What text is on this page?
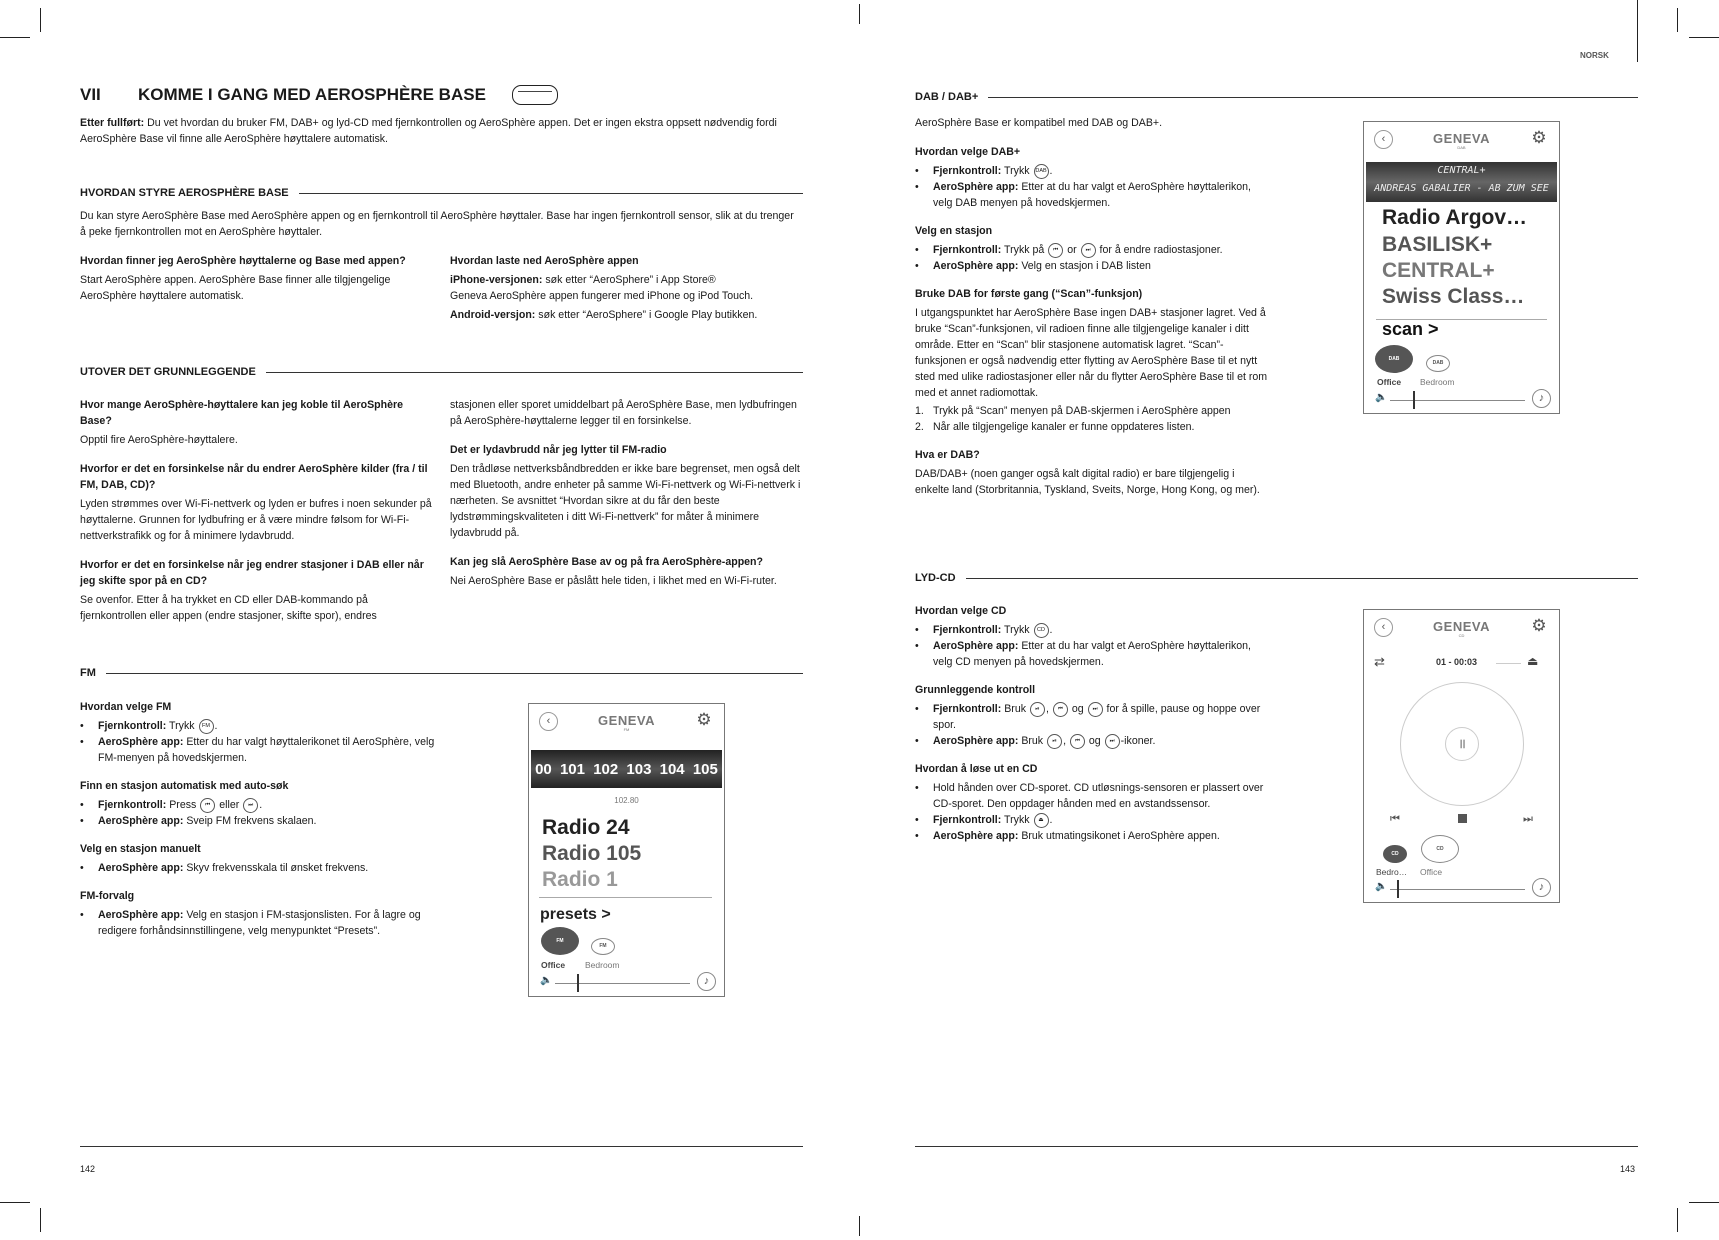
NORSK
VII	KOMME I GANG MED AEROSPHÈRE BASE

Etter fullført: Du vet hvordan du bruker FM, DAB+ og lyd-CD med fjernkontrollen og AeroSphère appen. Det er ingen ekstra oppsett nødvendig fordi AeroSphère Base vil finne alle AeroSphère høyttalere automatisk.

HVORDAN STYRE AEROSPHÈRE BASE

Du kan styre AeroSphère Base med AeroSphère appen og en fjernkontroll til AeroSphère høyttaler. Base har ingen fjernkontroll sensor, slik at du trenger å peke fjernkontrollen mot en AeroSphère høyttaler.

Hvordan finner jeg AeroSphère høyttalerne og Base med appen?

Start AeroSphère appen. AeroSphère Base finner alle tilgjengelige AeroSphère høyttalere automatisk.

Hvordan laste ned AeroSphère appen

iPhone-versjonen: søk etter “AeroSphere” i App Store®
Geneva AeroSphère appen fungerer med iPhone og iPod Touch.

Android-versjon: søk etter “AeroSphere” i Google Play butikken.

UTOVER DET GRUNNLEGGENDE
Hvor mange AeroSphère-høyttalere kan jeg koble til AeroSphère Base?

Opptil fire AeroSphère-høyttalere.

Hvorfor er det en forsinkelse når du endrer AeroSphère kilder (fra / til FM, DAB, CD)?

Lyden strømmes over Wi-Fi-nettverk og lyden er bufres i noen sekunder på høyttalerne. Grunnen for lydbufring er å være mindre følsom for Wi-Fi-nettverkstrafikk og for å minimere lydavbrudd.

Hvorfor er det en forsinkelse når jeg endrer stasjoner i DAB eller når jeg skifte spor på en CD?

Se ovenfor. Etter å ha trykket en CD eller DAB-kommando på fjernkontrollen eller appen (endre stasjoner, skifte spor), endres

stasjonen eller sporet umiddelbart på AeroSphère Base, men lydbufringen på AeroSphère-høyttalerne legger til en forsinkelse.

Det er lydavbrudd når jeg lytter til FM-radio

Den trådløse nettverksbåndbredden er ikke bare begrenset, men også delt med Bluetooth, andre enheter på samme Wi-Fi-nettverk og Wi-Fi-nettverk i nærheten. Se avsnittet “Hvordan sikre at du får den beste lydstrømmingskvaliteten i ditt Wi-Fi-nettverk” for måter å minimere lydavbrudd på.

Kan jeg slå AeroSphère Base av og på fra AeroSphère-appen?

Nei AeroSphère Base er påslått hele tiden, i likhet med en Wi-Fi-ruter.

FM
Hvordan velge FM
• Fjernkontroll: Trykk FM .
• AeroSphère app: Etter du har valgt høyttalerikonet til AeroSphère, velg FM-menyen på hovedskjermen.
Finn en stasjon automatisk med auto-søk
• Fjernkontroll: Press ⏮ eller ⏭ .
• AeroSphère app: Sveip FM frekvens skalaen.
Velg en stasjon manuelt
• AeroSphère app: Skyv frekvensskala til ønsket frekvens.
FM-forvalg
• AeroSphère app: Velg en stasjon i FM-stasjonslisten. For å lagre og redigere forhåndsinnstillingene, velg menypunktet “Presets”.
‹	GENEVA
FM
⚙
00 101 102 103 104 105
102.80
Radio 24
Radio 105
Radio 1
presets >
FM
FM
Office Bedroom
🔈	♪
142
DAB / DAB+

AeroSphère Base er kompatibel med DAB og DAB+.

Hvordan velge DAB+
• Fjernkontroll: Trykk DAB .
• AeroSphère app: Etter at du har valgt et AeroSphère høyttalerikon, velg DAB menyen på hovedskjermen.
Velg en stasjon
• Fjernkontroll: Trykk på ⏮ or ⏭ for å endre radiostasjoner.
• AeroSphère app: Velg en stasjon i DAB listen
Bruke DAB for første gang (“Scan”-funksjon)

I utgangspunktet har AeroSphère Base ingen DAB+ stasjoner lagret. Ved å bruke “Scan”-funksjonen, vil radioen finne alle tilgjengelige kanaler i ditt område. Etter en “Scan” blir stasjonene automatisk lagret. “Scan”-funksjonen er også nødvendig etter flytting av AeroSphère Base til et nytt sted med ulike radiostasjoner eller når du flytter AeroSphère Base til et rom med et annet radiomottak.

1. Trykk på “Scan” menyen på DAB-skjermen i AeroSphère appen
2. Når alle tilgjengelige kanaler er funne oppdateres listen.
Hva er DAB?

DAB/DAB+ (noen ganger også kalt digital radio) er bare tilgjengelig i enkelte land (Storbritannia, Tyskland, Sveits, Norge, Hong Kong, og mer).

‹	GENEVA
DAB
⚙
CENTRAL+
ANDREAS GABALIER - AB ZUM SEE
Radio Argov…
BASILISK+
CENTRAL+
Swiss Class…
scan >
DAB
DAB
Office Bedroom
🔈	♪
LYD-CD
Hvordan velge CD
• Fjernkontroll: Trykk CD .
• AeroSphère app: Etter at du har valgt et AeroSphère høyttalerikon, velg CD menyen på hovedskjermen.
Grunnleggende kontroll
• Fjernkontroll: Bruk ⏯ , ⏮ og ⏭ for å spille, pause og hoppe over spor.
• AeroSphère app: Bruk ⏯ , ⏮ og ⏭ -ikoner.
Hvordan å løse ut en CD
• Hold hånden over CD-sporet. CD utløsnings-sensoren er plassert over CD-sporet. Den oppdager hånden med en avstandssensor.
• Fjernkontroll: Trykk ⏏ .
• AeroSphère app: Bruk utmatingsikonet i AeroSphère appen.
‹	GENEVA
CD
⚙
⇄	01 - 00:03	⏏
॥
⏮	⏭
CD
CD
Bedro… Office
🔈	♪
143
